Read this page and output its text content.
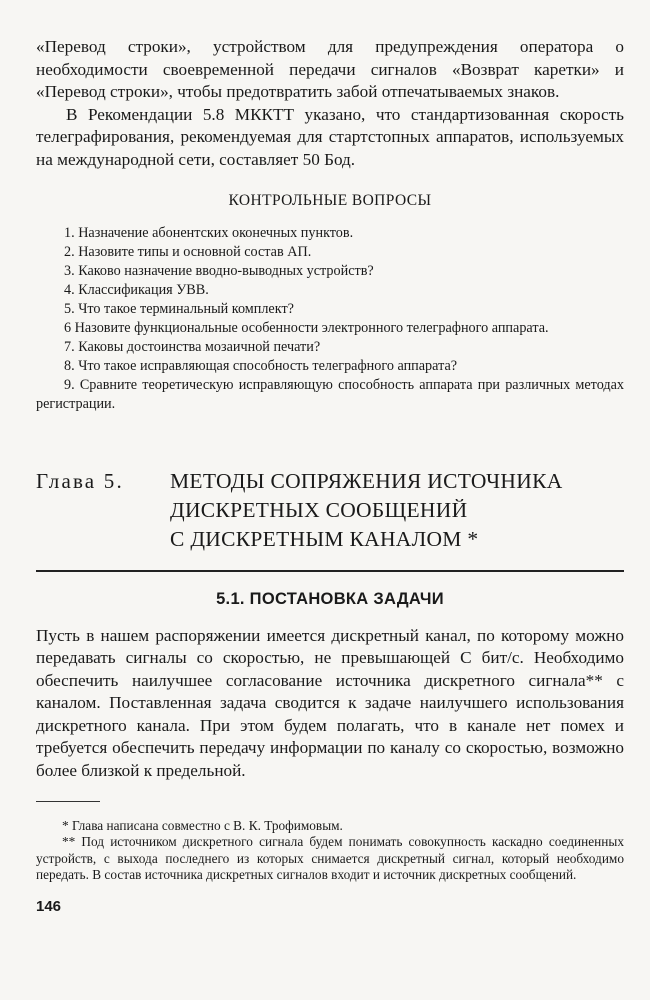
«Перевод строки», устройством для предупреждения оператора о необходимости своевременной передачи сигналов «Возврат каретки» и «Перевод строки», чтобы предотвратить забой отпечатываемых знаков.

В Рекомендации 5.8 МККТТ указано, что стандартизованная скорость телеграфирования, рекомендуемая для стартстопных аппаратов, используемых на международной сети, составляет 50 Бод.

КОНТРОЛЬНЫЕ ВОПРОСЫ
1. Назначение абонентских оконечных пунктов.
2. Назовите типы и основной состав АП.
3. Каково назначение вводно-выводных устройств?
4. Классификация УВВ.
5. Что такое терминальный комплект?
6 Назовите функциональные особенности электронного телеграфного аппарата.
7. Каковы достоинства мозаичной печати?
8. Что такое исправляющая способность телеграфного аппарата?
9. Сравните теоретическую исправляющую способность аппарата при различных методах регистрации.
Глава 5.	МЕТОДЫ СОПРЯЖЕНИЯ ИСТОЧНИКА
ДИСКРЕТНЫХ СООБЩЕНИЙ
С ДИСКРЕТНЫМ КАНАЛОМ *
5.1. ПОСТАНОВКА ЗАДАЧИ

Пусть в нашем распоряжении имеется дискретный канал, по которому можно передавать сигналы со скоростью, не превышающей С бит/с. Необходимо обеспечить наилучшее согласование источника дискретного сигнала** с каналом. Поставленная задача сводится к задаче наилучшего использования дискретного канала. При этом будем полагать, что в канале нет помех и требуется обеспечить передачу информации по каналу со скоростью, возможно более близкой к предельной.

* Глава написана совместно с В. К. Трофимовым.

** Под источником дискретного сигнала будем понимать совокупность каскадно соединенных устройств, с выхода последнего из которых снимается дискретный сигнал, который необходимо передать. В состав источника дискретных сигналов входит и источник дискретных сообщений.

146
